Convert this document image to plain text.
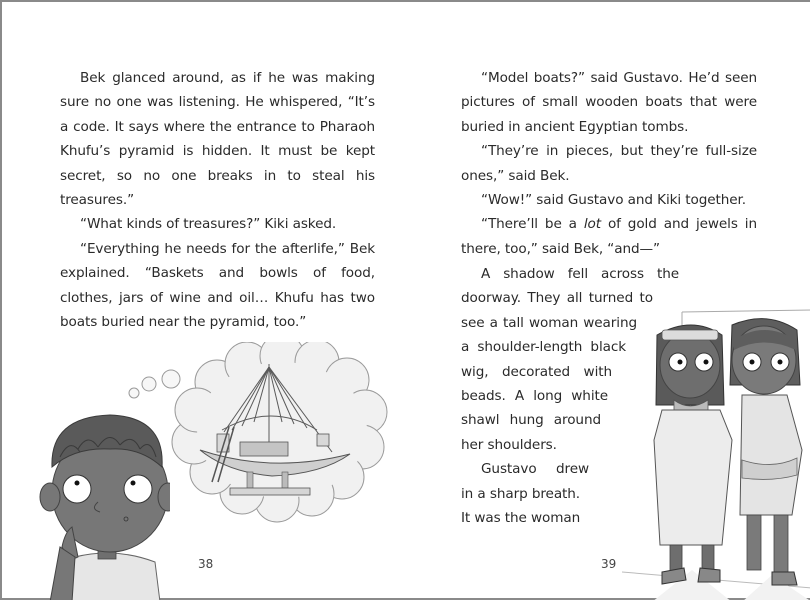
Bek glanced around, as if he was making sure no one was listening. He whispered, “It’s a code. It says where the entrance to Pharaoh Khufu’s pyramid is hidden. It must be kept secret, so no one breaks in to steal his treasures.”

“What kinds of treasures?” Kiki asked.

“Everything he needs for the afterlife,” Bek explained. “Baskets and bowls of food, clothes, jars of wine and oil… Khufu has two boats buried near the pyramid, too.”

38

“Model boats?” said Gustavo. He’d seen pictures of small wooden boats that were buried in ancient Egyptian tombs.

“They’re in pieces, but they’re full-size ones,” said Bek.

“Wow!” said Gustavo and Kiki together.

“There’ll be a lot of gold and jewels in there, too,” said Bek, “and—”

A shadow fell across the
doorway. They all turned to
see a tall woman wearing
a shoulder-length black
wig, decorated with
beads. A long white
shawl hung around
her shoulders.
Gustavo drew
in a sharp breath.
It was the woman
39
